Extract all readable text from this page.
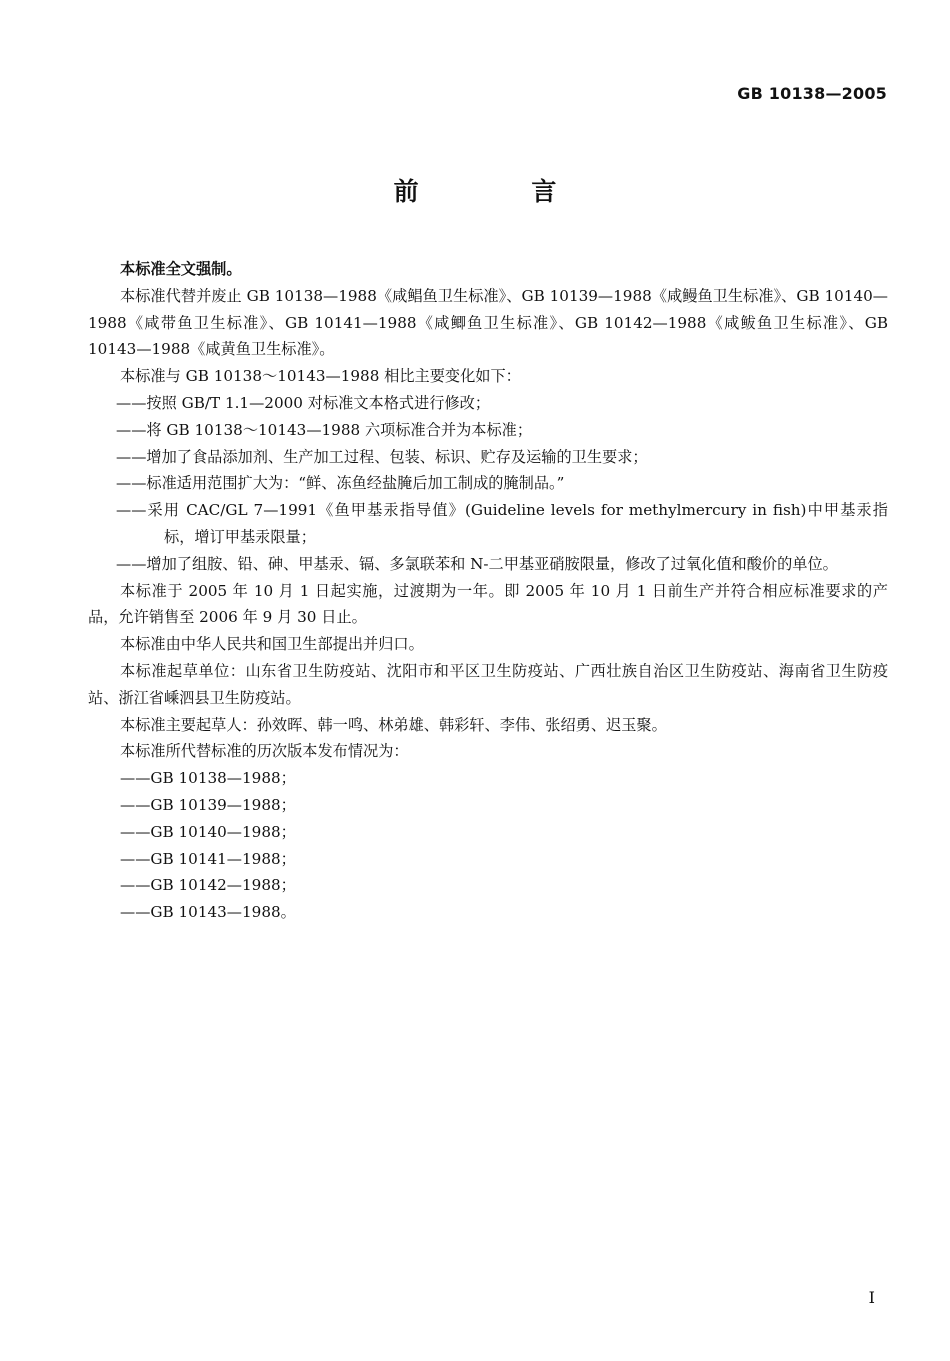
GB 10138—2005
前 言

本标准全文强制。

本标准代替并废止 GB 10138—1988《咸鲳鱼卫生标准》、GB 10139—1988《咸鳗鱼卫生标准》、GB 10140—1988《咸带鱼卫生标准》、GB 10141—1988《咸鲫鱼卫生标准》、GB 10142—1988《咸鲅鱼卫生标准》、GB 10143—1988《咸黄鱼卫生标准》。

本标准与 GB 10138～10143—1988 相比主要变化如下：

——按照 GB/T 1.1—2000 对标准文本格式进行修改；

——将 GB 10138～10143—1988 六项标准合并为本标准；

——增加了食品添加剂、生产加工过程、包装、标识、贮存及运输的卫生要求；

——标准适用范围扩大为：“鲜、冻鱼经盐腌后加工制成的腌制品。”

——采用 CAC/GL 7—1991《鱼甲基汞指导值》(Guideline levels for methylmercury in fish)中甲基汞指标，增订甲基汞限量；

——增加了组胺、铅、砷、甲基汞、镉、多氯联苯和 N-二甲基亚硝胺限量，修改了过氧化值和酸价的单位。

本标准于 2005 年 10 月 1 日起实施，过渡期为一年。即 2005 年 10 月 1 日前生产并符合相应标准要求的产品，允许销售至 2006 年 9 月 30 日止。

本标准由中华人民共和国卫生部提出并归口。

本标准起草单位：山东省卫生防疫站、沈阳市和平区卫生防疫站、广西壮族自治区卫生防疫站、海南省卫生防疫站、浙江省嵊泗县卫生防疫站。

本标准主要起草人：孙效晖、韩一鸣、林弟雄、韩彩轩、李伟、张绍勇、迟玉聚。

本标准所代替标准的历次版本发布情况为：

——GB 10138—1988；

——GB 10139—1988；

——GB 10140—1988；

——GB 10141—1988；

——GB 10142—1988；

——GB 10143—1988。

I
